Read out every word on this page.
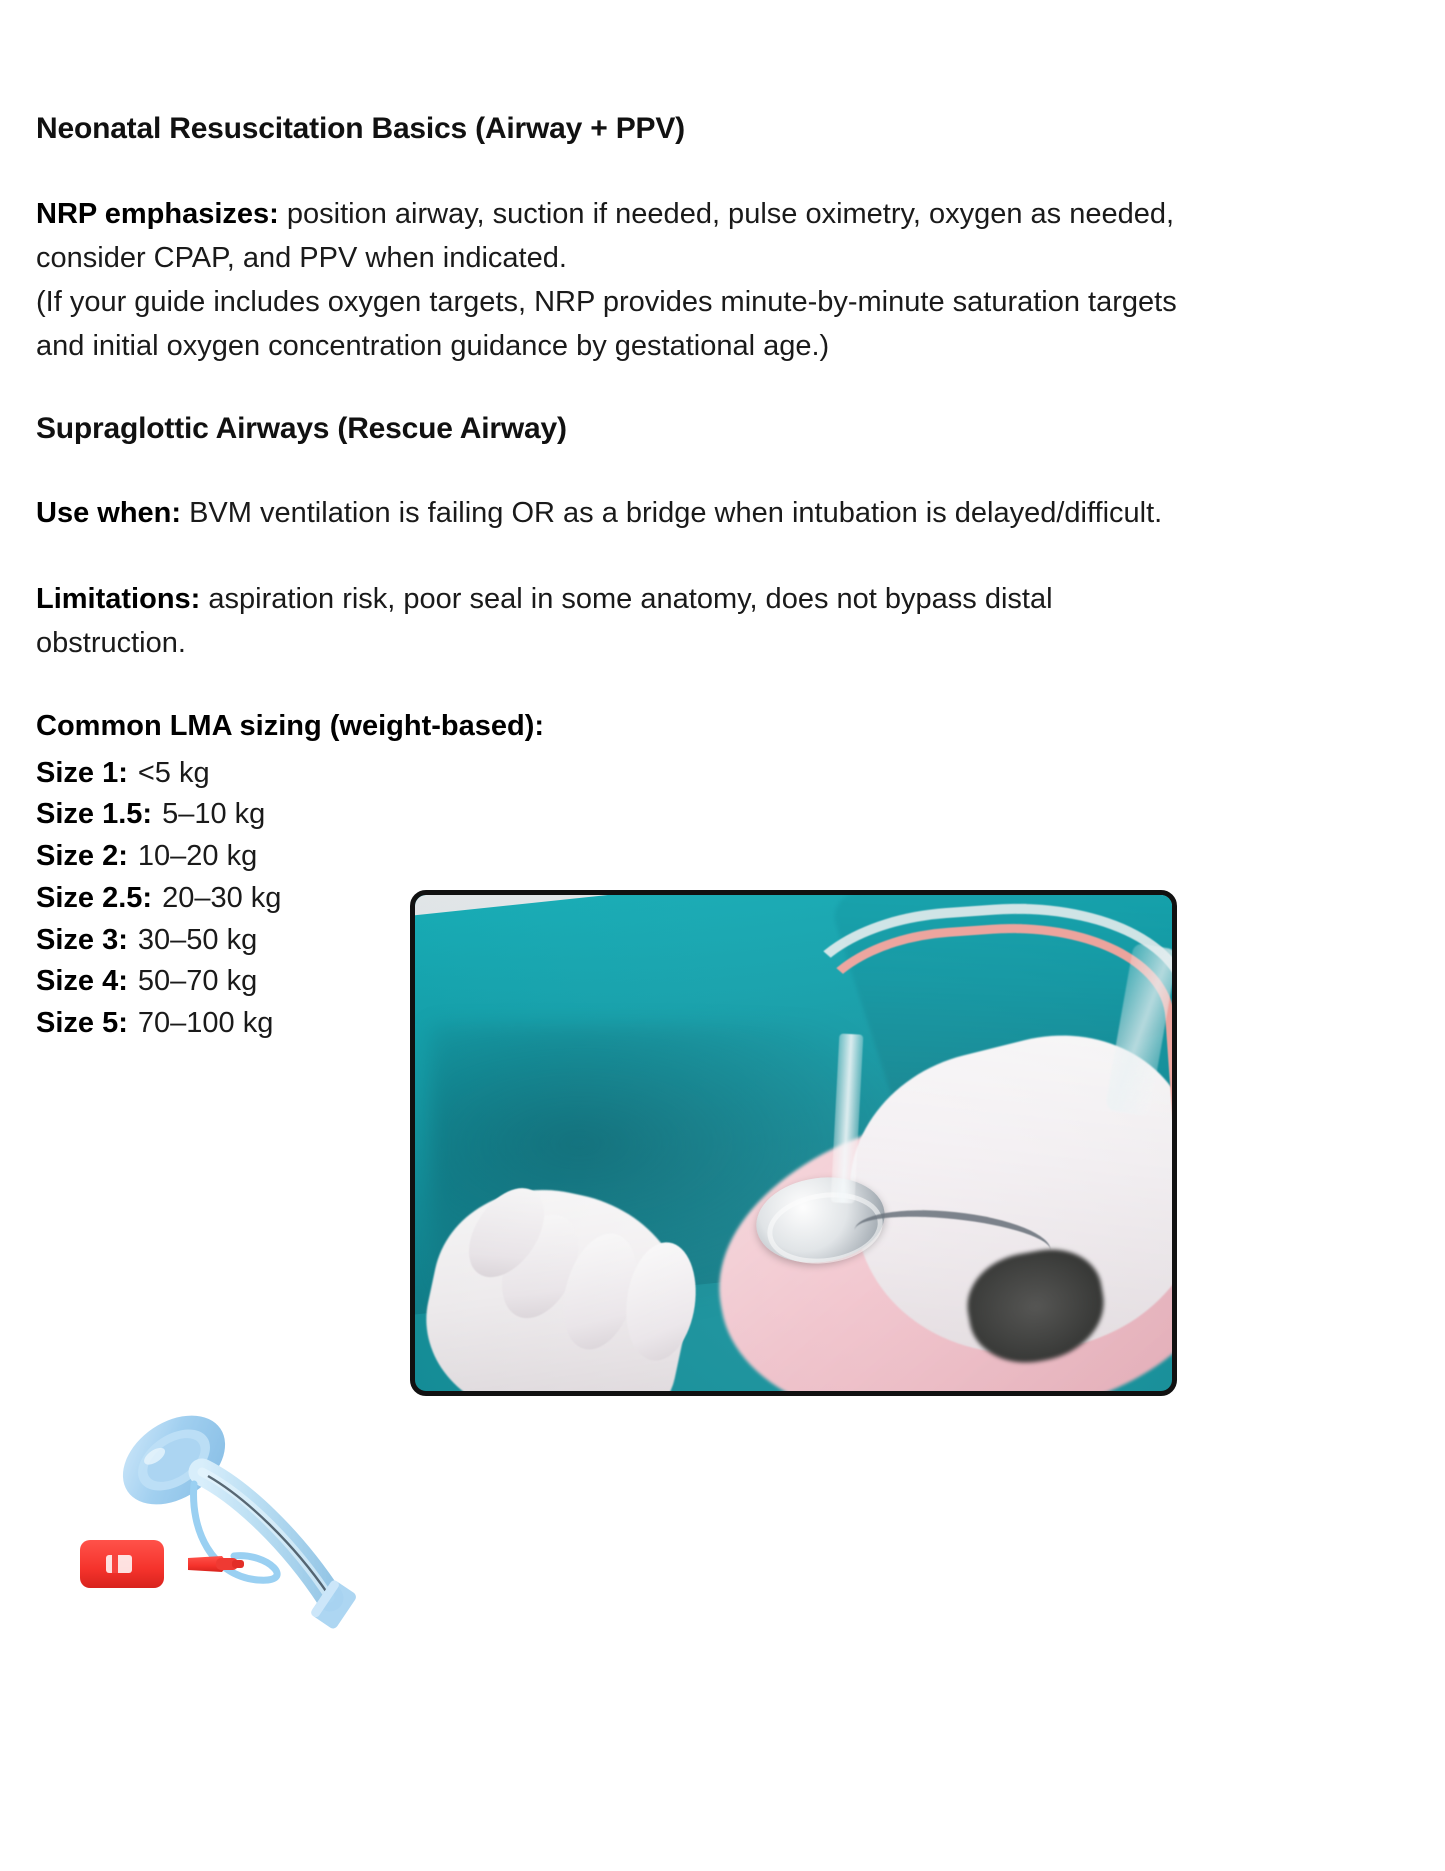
Neonatal Resuscitation Basics (Airway + PPV)

NRP emphasizes: position airway, suction if needed, pulse oximetry, oxygen as needed, consider CPAP, and PPV when indicated.
(If your guide includes oxygen targets, NRP provides minute-by-minute saturation targets and initial oxygen concentration guidance by gestational age.)

Supraglottic Airways (Rescue Airway)

Use when: BVM ventilation is failing OR as a bridge when intubation is delayed/difficult.

Limitations: aspiration risk, poor seal in some anatomy, does not bypass distal obstruction.

Common LMA sizing (weight-based):
Size 1: <5 kg
Size 1.5: 5–10 kg
Size 2: 10–20 kg
Size 2.5: 20–30 kg
Size 3: 30–50 kg
Size 4: 50–70 kg
Size 5: 70–100 kg
